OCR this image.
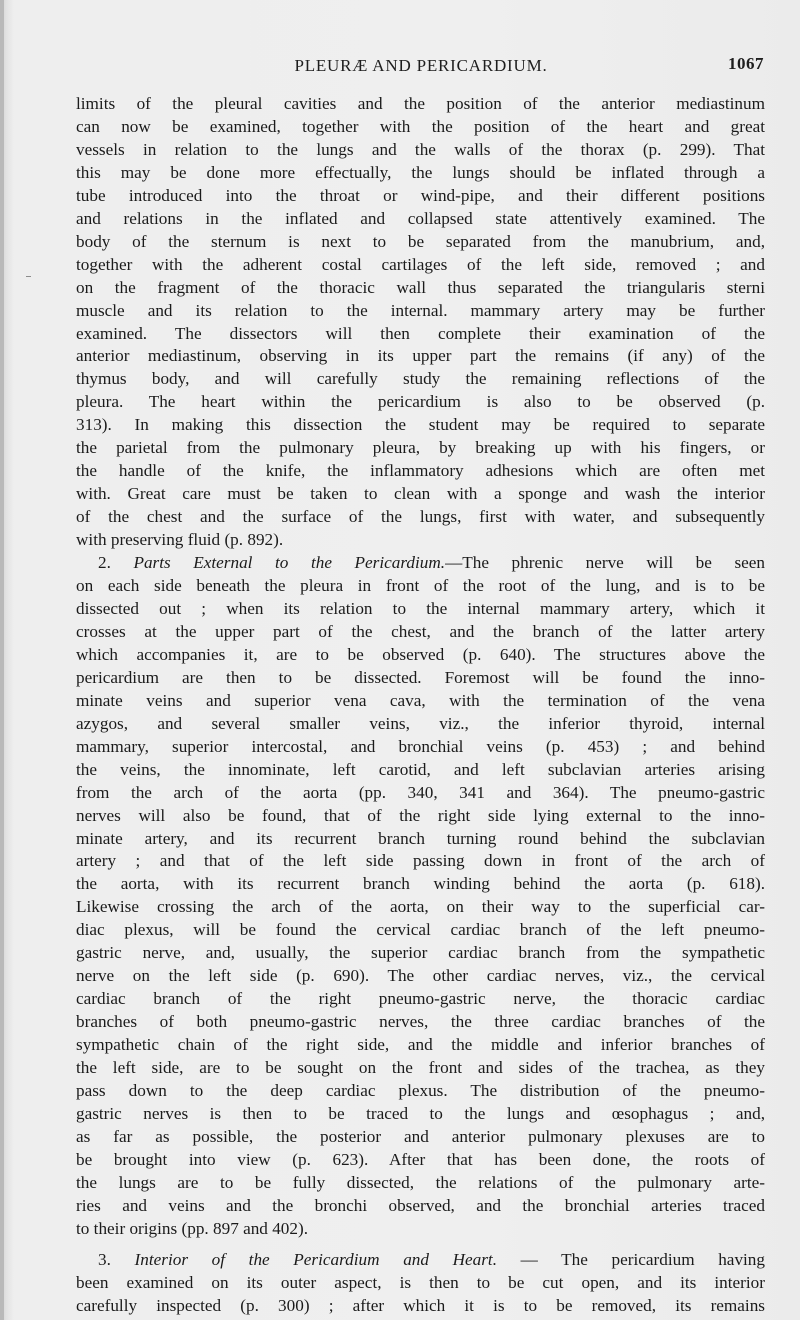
PLEURÆ AND PERICARDIUM.	1067
limits of the pleural cavities and the position of the anterior mediastinum
can now be examined, together with the position of the heart and great
vessels in relation to the lungs and the walls of the thorax (p. 299). That
this may be done more effectually, the lungs should be inflated through a
tube introduced into the throat or wind-pipe, and their different positions
and relations in the inflated and collapsed state attentively examined. The
body of the sternum is next to be separated from the manubrium, and,
together with the adherent costal cartilages of the left side, removed ; and
on the fragment of the thoracic wall thus separated the triangularis sterni
muscle and its relation to the internal. mammary artery may be further
examined. The dissectors will then complete their examination of the
anterior mediastinum, observing in its upper part the remains (if any) of the
thymus body, and will carefully study the remaining reflections of the
pleura. The heart within the pericardium is also to be observed (p.
313). In making this dissection the student may be required to separate
the parietal from the pulmonary pleura, by breaking up with his fingers, or
the handle of the knife, the inflammatory adhesions which are often met
with. Great care must be taken to clean with a sponge and wash the interior
of the chest and the surface of the lungs, first with water, and subsequently
with preserving fluid (p. 892).
2. Parts External to the Pericardium.—The phrenic nerve will be seen
on each side beneath the pleura in front of the root of the lung, and is to be
dissected out ; when its relation to the internal mammary artery, which it
crosses at the upper part of the chest, and the branch of the latter artery
which accompanies it, are to be observed (p. 640). The structures above the
pericardium are then to be dissected. Foremost will be found the inno-
minate veins and superior vena cava, with the termination of the vena
azygos, and several smaller veins, viz., the inferior thyroid, internal
mammary, superior intercostal, and bronchial veins (p. 453) ; and behind
the veins, the innominate, left carotid, and left subclavian arteries arising
from the arch of the aorta (pp. 340, 341 and 364). The pneumo-gastric
nerves will also be found, that of the right side lying external to the inno-
minate artery, and its recurrent branch turning round behind the subclavian
artery ; and that of the left side passing down in front of the arch of
the aorta, with its recurrent branch winding behind the aorta (p. 618).
Likewise crossing the arch of the aorta, on their way to the superficial car-
diac plexus, will be found the cervical cardiac branch of the left pneumo-
gastric nerve, and, usually, the superior cardiac branch from the sympathetic
nerve on the left side (p. 690). The other cardiac nerves, viz., the cervical
cardiac branch of the right pneumo-gastric nerve, the thoracic cardiac
branches of both pneumo-gastric nerves, the three cardiac branches of the
sympathetic chain of the right side, and the middle and inferior branches of
the left side, are to be sought on the front and sides of the trachea, as they
pass down to the deep cardiac plexus. The distribution of the pneumo-
gastric nerves is then to be traced to the lungs and œsophagus ; and,
as far as possible, the posterior and anterior pulmonary plexuses are to
be brought into view (p. 623). After that has been done, the roots of
the lungs are to be fully dissected, the relations of the pulmonary arte-
ries and veins and the bronchi observed, and the bronchial arteries traced
to their origins (pp. 897 and 402).
3. Interior of the Pericardium and Heart. — The pericardium having
been examined on its outer aspect, is then to be cut open, and its interior
carefully inspected (p. 300) ; after which it is to be removed, its remains
